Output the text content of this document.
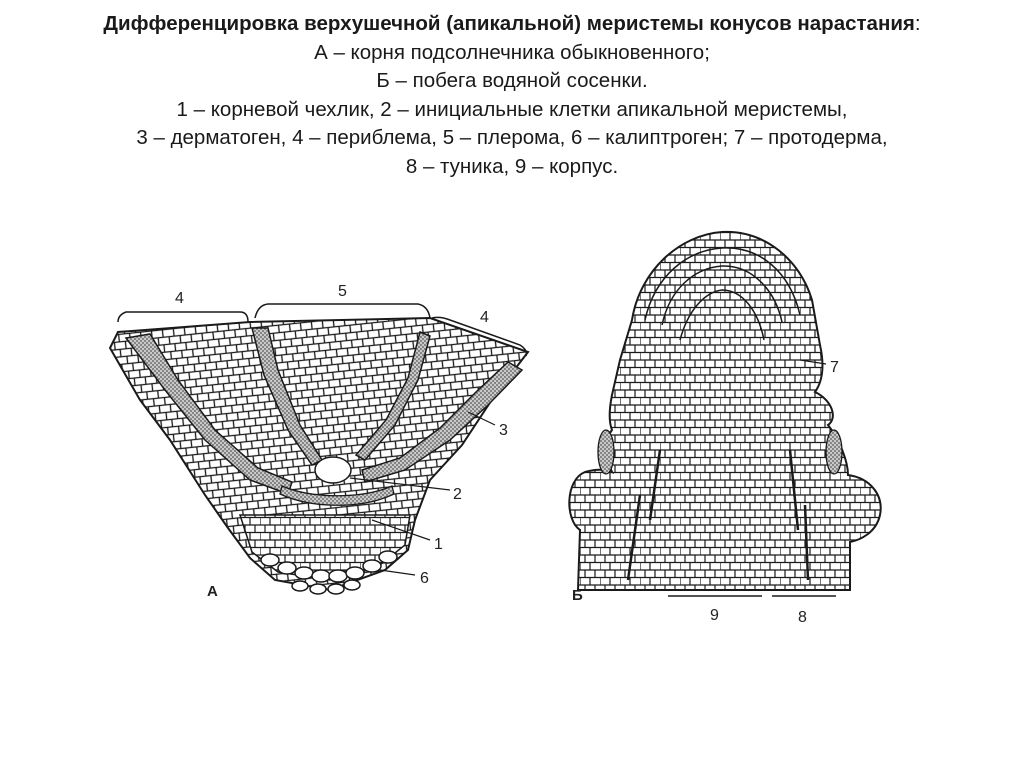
Дифференцировка верхушечной (апикальной) меристемы конусов нарастания:
А – корня подсолнечника обыкновенного;
Б – побега водяной сосенки.
1 – корневой чехлик, 2 – инициальные клетки апикальной меристемы,
3 – дерматоген, 4 – периблема, 5 – плерома, 6 – калиптроген; 7 – протодерма,
8 – туника, 9 – корпус.
4	5
4
3
2
1
6
А
7
9	8
Б
